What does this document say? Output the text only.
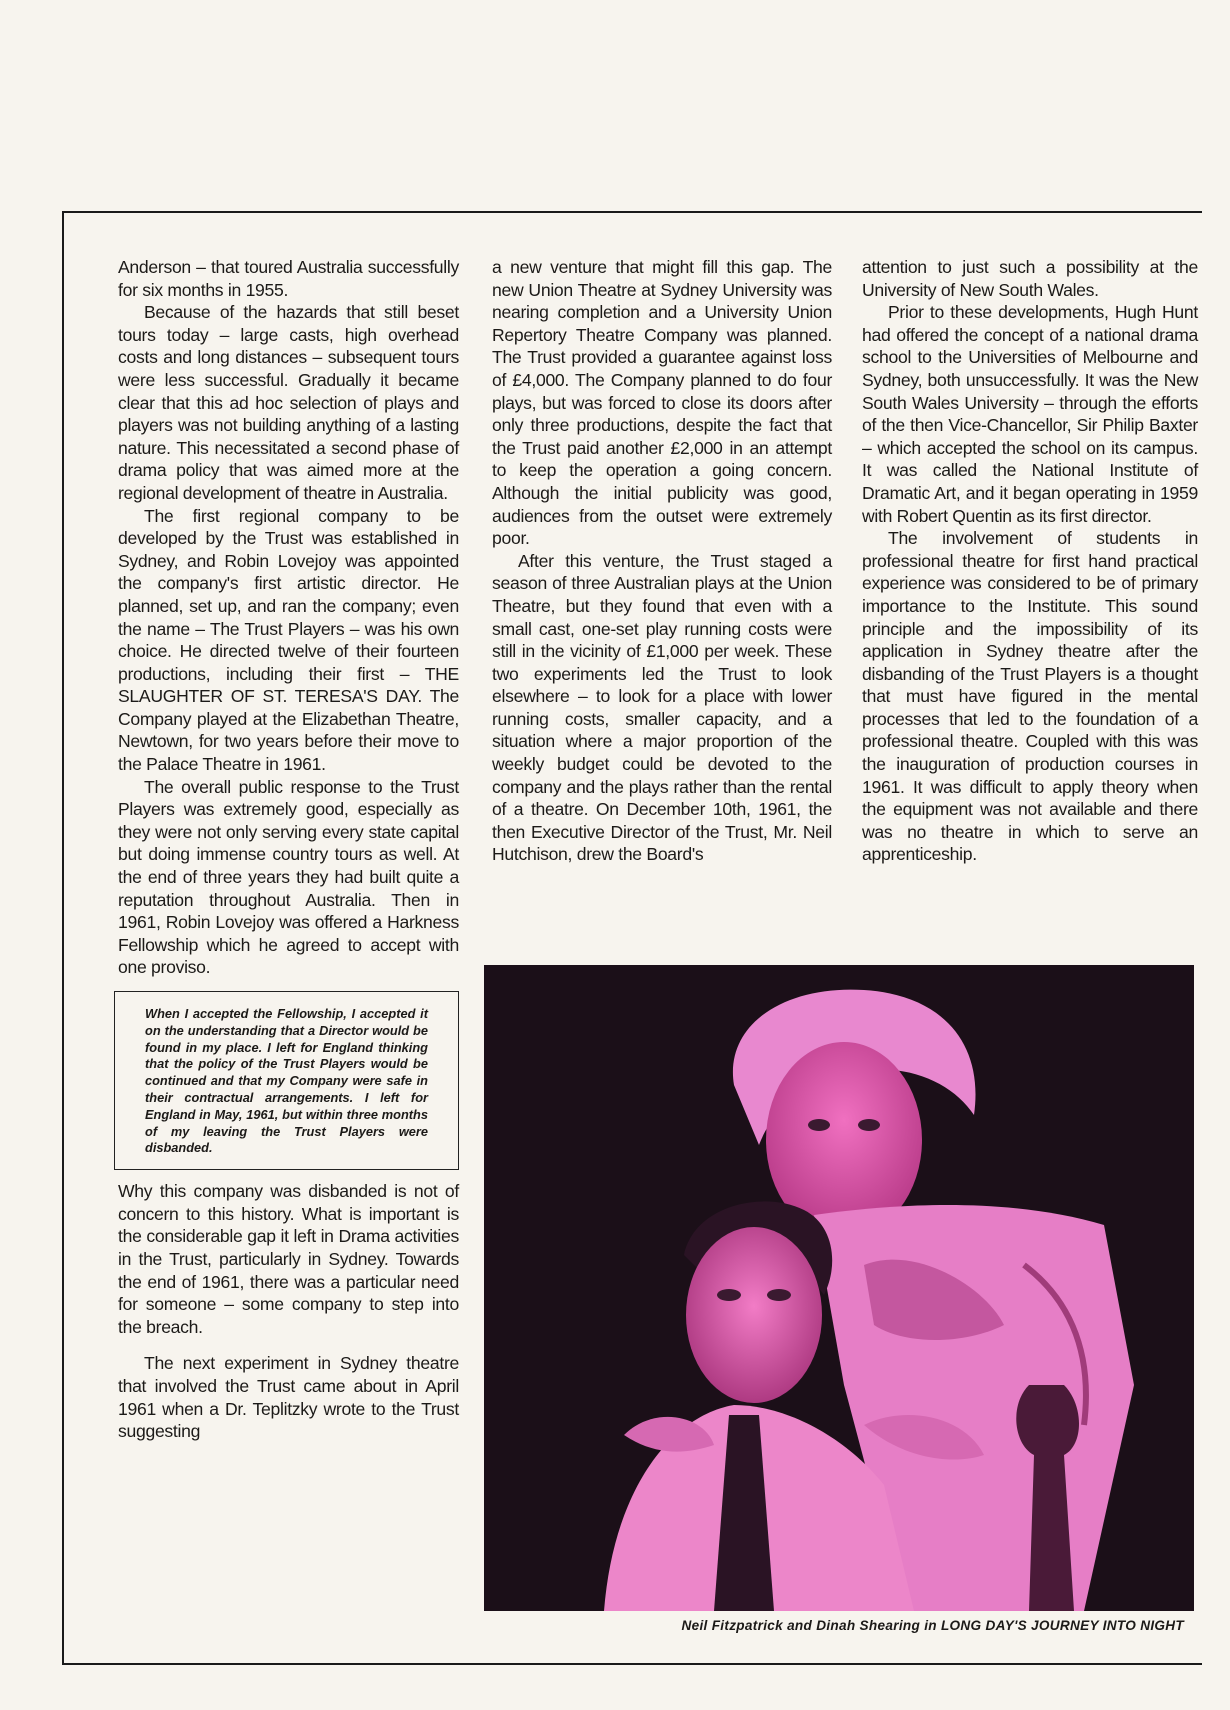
Anderson – that toured Australia successfully for six months in 1955.

Because of the hazards that still beset tours today – large casts, high overhead costs and long distances – subsequent tours were less successful. Gradually it became clear that this ad hoc selection of plays and players was not building anything of a lasting nature. This necessitated a second phase of drama policy that was aimed more at the regional development of theatre in Australia.

The first regional company to be developed by the Trust was established in Sydney, and Robin Lovejoy was appointed the company's first artistic director. He planned, set up, and ran the company; even the name – The Trust Players – was his own choice. He directed twelve of their fourteen productions, including their first – THE SLAUGHTER OF ST. TERESA'S DAY. The Company played at the Elizabethan Theatre, Newtown, for two years before their move to the Palace Theatre in 1961.

The overall public response to the Trust Players was extremely good, especially as they were not only serving every state capital but doing immense country tours as well. At the end of three years they had built quite a reputation throughout Australia. Then in 1961, Robin Lovejoy was offered a Harkness Fellowship which he agreed to accept with one proviso.

When I accepted the Fellowship, I accepted it on the understanding that a Director would be found in my place. I left for England thinking that the policy of the Trust Players would be continued and that my Company were safe in their contractual arrangements. I left for England in May, 1961, but within three months of my leaving the Trust Players were disbanded.

Why this company was disbanded is not of concern to this history. What is important is the considerable gap it left in Drama activities in the Trust, particularly in Sydney. Towards the end of 1961, there was a particular need for someone – some company to step into the breach.

The next experiment in Sydney theatre that involved the Trust came about in April 1961 when a Dr. Teplitzky wrote to the Trust suggesting

a new venture that might fill this gap. The new Union Theatre at Sydney University was nearing completion and a University Union Repertory Theatre Company was planned. The Trust provided a guarantee against loss of £4,000. The Company planned to do four plays, but was forced to close its doors after only three productions, despite the fact that the Trust paid another £2,000 in an attempt to keep the operation a going concern. Although the initial publicity was good, audiences from the outset were extremely poor.

After this venture, the Trust staged a season of three Australian plays at the Union Theatre, but they found that even with a small cast, one-set play running costs were still in the vicinity of £1,000 per week. These two experiments led the Trust to look elsewhere – to look for a place with lower running costs, smaller capacity, and a situation where a major proportion of the weekly budget could be devoted to the company and the plays rather than the rental of a theatre. On December 10th, 1961, the then Executive Director of the Trust, Mr. Neil Hutchison, drew the Board's

attention to just such a possibility at the University of New South Wales.

Prior to these developments, Hugh Hunt had offered the concept of a national drama school to the Universities of Melbourne and Sydney, both unsuccessfully. It was the New South Wales University – through the efforts of the then Vice-Chancellor, Sir Philip Baxter – which accepted the school on its campus. It was called the National Institute of Dramatic Art, and it began operating in 1959 with Robert Quentin as its first director.

The involvement of students in professional theatre for first hand practical experience was considered to be of primary importance to the Institute. This sound principle and the impossibility of its application in Sydney theatre after the disbanding of the Trust Players is a thought that must have figured in the mental processes that led to the foundation of a professional theatre. Coupled with this was the inauguration of production courses in 1961. It was difficult to apply theory when the equipment was not available and there was no theatre in which to serve an apprenticeship.

Neil Fitzpatrick and Dinah Shearing in LONG DAY'S JOURNEY INTO NIGHT
